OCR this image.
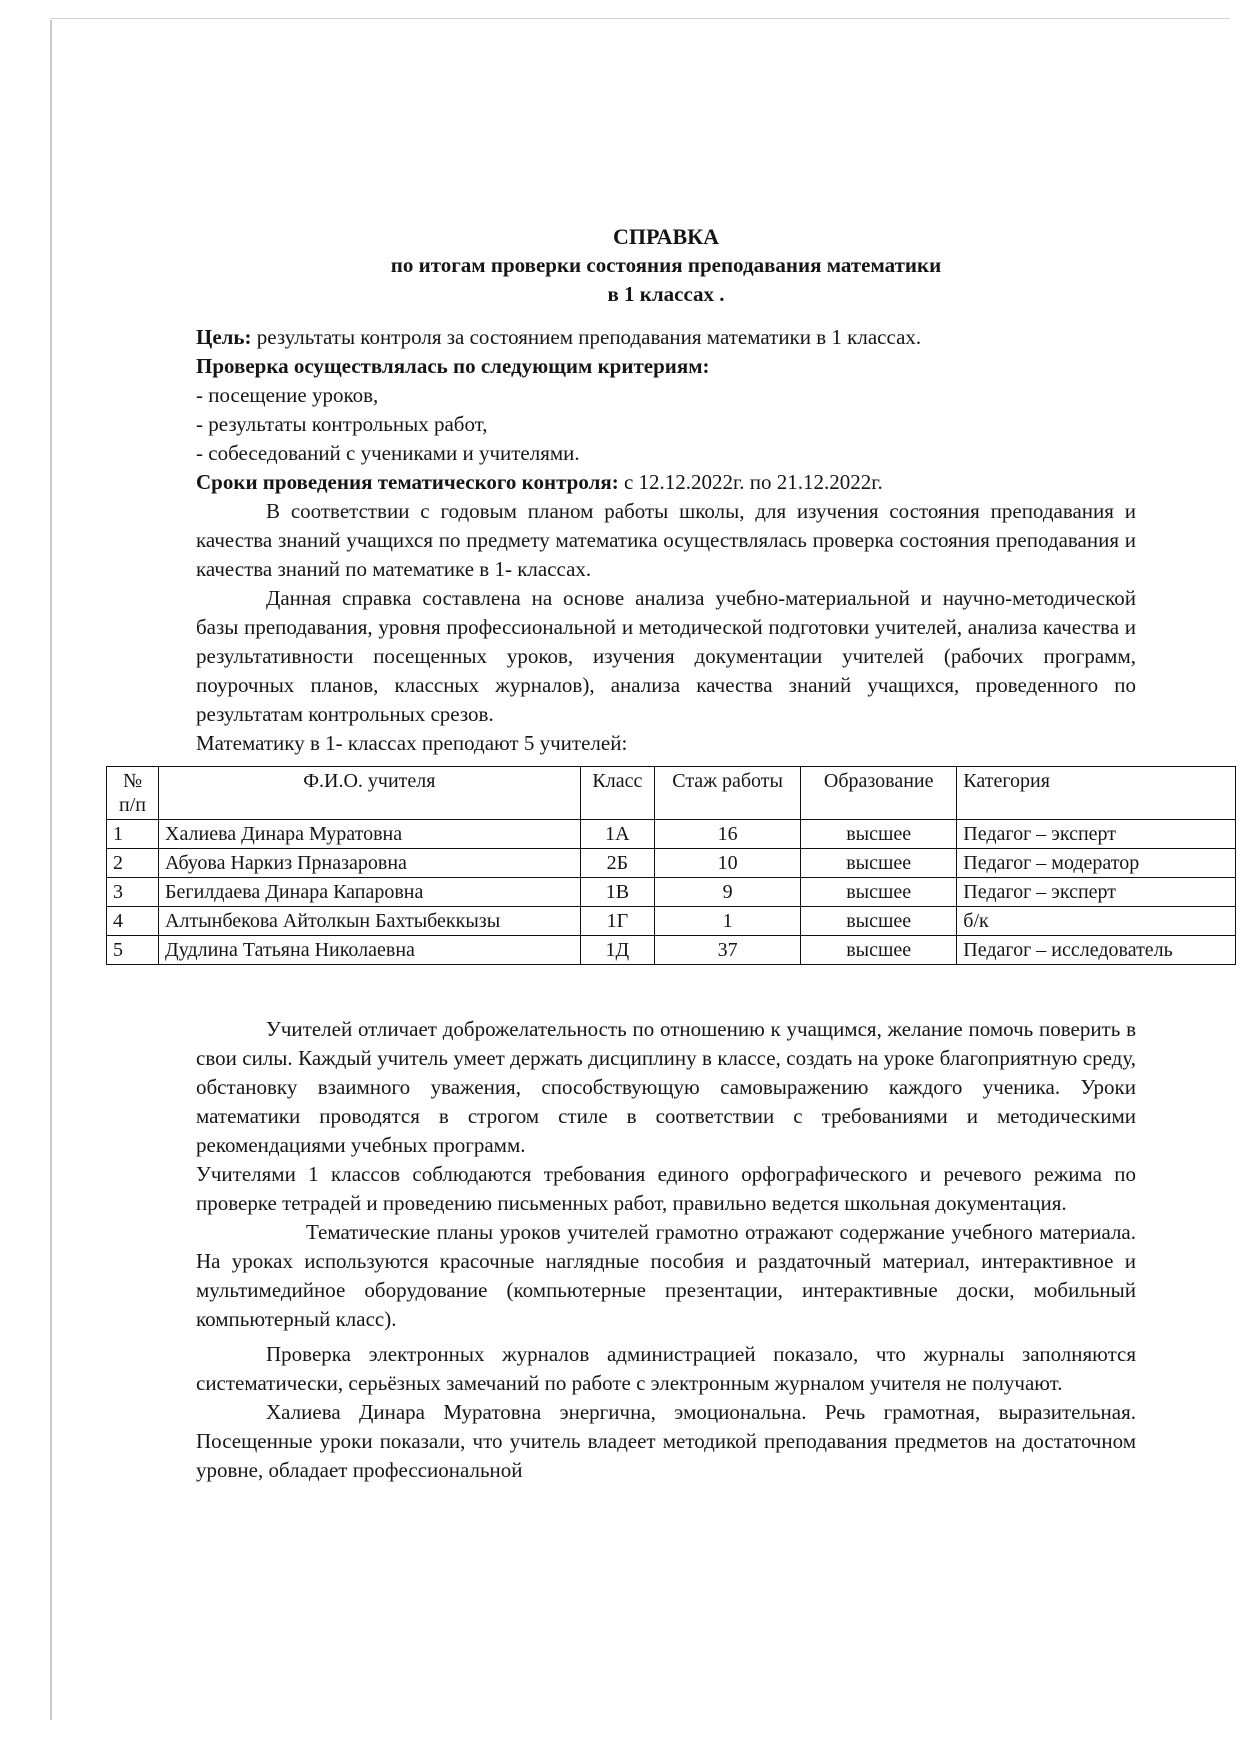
СПРАВКА
по итогам проверки состояния преподавания математики
в 1 классах .

Цель: результаты контроля за состоянием преподавания математики в 1 классах.

Проверка осуществлялась по следующим критериям:

- посещение уроков,

- результаты контрольных работ,

- собеседований с учениками и учителями.

Сроки проведения тематического контроля: с 12.12.2022г. по 21.12.2022г.

В соответствии с годовым планом работы школы, для изучения состояния преподавания и качества знаний учащихся по предмету математика осуществлялась проверка состояния преподавания и качества знаний по математике в 1- классах.

Данная справка составлена на основе анализа учебно-материальной и научно-методической базы преподавания, уровня профессиональной и методической подготовки учителей, анализа качества и результативности посещенных уроков, изучения документации учителей (рабочих программ, поурочных планов, классных журналов), анализа качества знаний учащихся, проведенного по результатам контрольных срезов.

Математику в 1- классах преподают 5 учителей:

№ п/п	Ф.И.О. учителя	Класс	Стаж работы	Образование	Категория
1	Халиева Динара Муратовна	1А	16	высшее	Педагог – эксперт
2	Абуова Наркиз Прназаровна	2Б	10	высшее	Педагог – модератор
3	Бегилдаева Динара Капаровна	1В	9	высшее	Педагог – эксперт
4	Алтынбекова Айтолкын Бахтыбеккызы	1Г	1	высшее	б/к
5	Дудлина Татьяна Николаевна	1Д	37	высшее	Педагог – исследователь

Учителей отличает доброжелательность по отношению к учащимся, желание помочь поверить в свои силы. Каждый учитель умеет держать дисциплину в классе, создать на уроке благоприятную среду, обстановку взаимного уважения, способствующую самовыражению каждого ученика. Уроки математики проводятся в строгом стиле в соответствии с требованиями и методическими рекомендациями учебных программ.

Учителями 1 классов соблюдаются требования единого орфографического и речевого режима по проверке тетрадей и проведению письменных работ, правильно ведется школьная документация.

Тематические планы уроков учителей грамотно отражают содержание учебного материала. На уроках используются красочные наглядные пособия и раздаточный материал, интерактивное и мультимедийное оборудование (компьютерные презентации, интерактивные доски, мобильный компьютерный класс).

Проверка электронных журналов администрацией показало, что журналы заполняются систематически, серьёзных замечаний по работе с электронным журналом учителя не получают.

Халиева Динара Муратовна энергична, эмоциональна. Речь грамотная, выразительная. Посещенные уроки показали, что учитель владеет методикой преподавания предметов на достаточном уровне, обладает профессиональной
